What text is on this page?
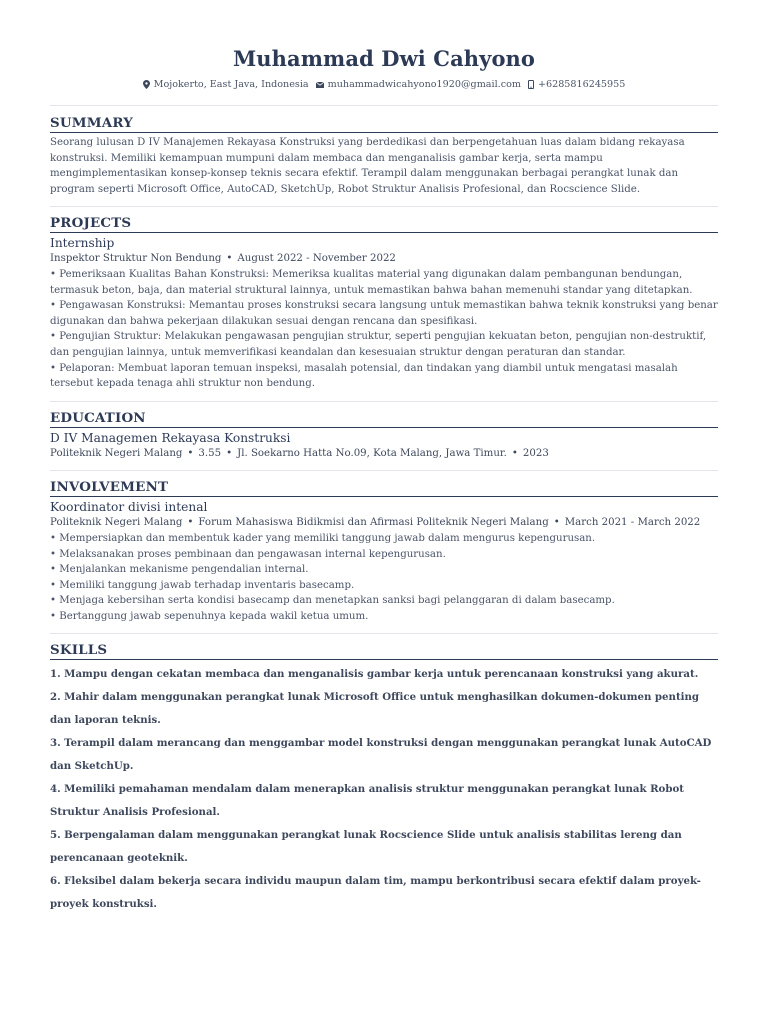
Muhammad Dwi Cahyono
Mojokerto, East Java, Indonesia muhammadwicahyono1920@gmail.com +6285816245955
SUMMARY
Seorang lulusan D IV Manajemen Rekayasa Konstruksi yang berdedikasi dan berpengetahuan luas dalam bidang rekayasa konstruksi. Memiliki kemampuan mumpuni dalam membaca dan menganalisis gambar kerja, serta mampu mengimplementasikan konsep-konsep teknis secara efektif. Terampil dalam menggunakan berbagai perangkat lunak dan program seperti Microsoft Office, AutoCAD, SketchUp, Robot Struktur Analisis Profesional, dan Rocscience Slide.
PROJECTS
Internship
Inspektor Struktur Non Bendung • August 2022 - November 2022
• Pemeriksaan Kualitas Bahan Konstruksi: Memeriksa kualitas material yang digunakan dalam pembangunan bendungan, termasuk beton, baja, dan material struktural lainnya, untuk memastikan bahwa bahan memenuhi standar yang ditetapkan.
• Pengawasan Konstruksi: Memantau proses konstruksi secara langsung untuk memastikan bahwa teknik konstruksi yang benar digunakan dan bahwa pekerjaan dilakukan sesuai dengan rencana dan spesifikasi.
• Pengujian Struktur: Melakukan pengawasan pengujian struktur, seperti pengujian kekuatan beton, pengujian non-destruktif, dan pengujian lainnya, untuk memverifikasi keandalan dan kesesuaian struktur dengan peraturan dan standar.
• Pelaporan: Membuat laporan temuan inspeksi, masalah potensial, dan tindakan yang diambil untuk mengatasi masalah tersebut kepada tenaga ahli struktur non bendung.
EDUCATION
D IV Managemen Rekayasa Konstruksi
Politeknik Negeri Malang • 3.55 • Jl. Soekarno Hatta No.09, Kota Malang, Jawa Timur. • 2023
INVOLVEMENT
Koordinator divisi intenal
Politeknik Negeri Malang • Forum Mahasiswa Bidikmisi dan Afirmasi Politeknik Negeri Malang • March 2021 - March 2022
• Mempersiapkan dan membentuk kader yang memiliki tanggung jawab dalam mengurus kepengurusan.
• Melaksanakan proses pembinaan dan pengawasan internal kepengurusan.
• Menjalankan mekanisme pengendalian internal.
• Memiliki tanggung jawab terhadap inventaris basecamp.
• Menjaga kebersihan serta kondisi basecamp dan menetapkan sanksi bagi pelanggaran di dalam basecamp.
• Bertanggung jawab sepenuhnya kepada wakil ketua umum.
SKILLS
1. Mampu dengan cekatan membaca dan menganalisis gambar kerja untuk perencanaan konstruksi yang akurat.
2. Mahir dalam menggunakan perangkat lunak Microsoft Office untuk menghasilkan dokumen-dokumen penting dan laporan teknis.
3. Terampil dalam merancang dan menggambar model konstruksi dengan menggunakan perangkat lunak AutoCAD dan SketchUp.
4. Memiliki pemahaman mendalam dalam menerapkan analisis struktur menggunakan perangkat lunak Robot Struktur Analisis Profesional.
5. Berpengalaman dalam menggunakan perangkat lunak Rocscience Slide untuk analisis stabilitas lereng dan perencanaan geoteknik.
6. Fleksibel dalam bekerja secara individu maupun dalam tim, mampu berkontribusi secara efektif dalam proyek-proyek konstruksi.
